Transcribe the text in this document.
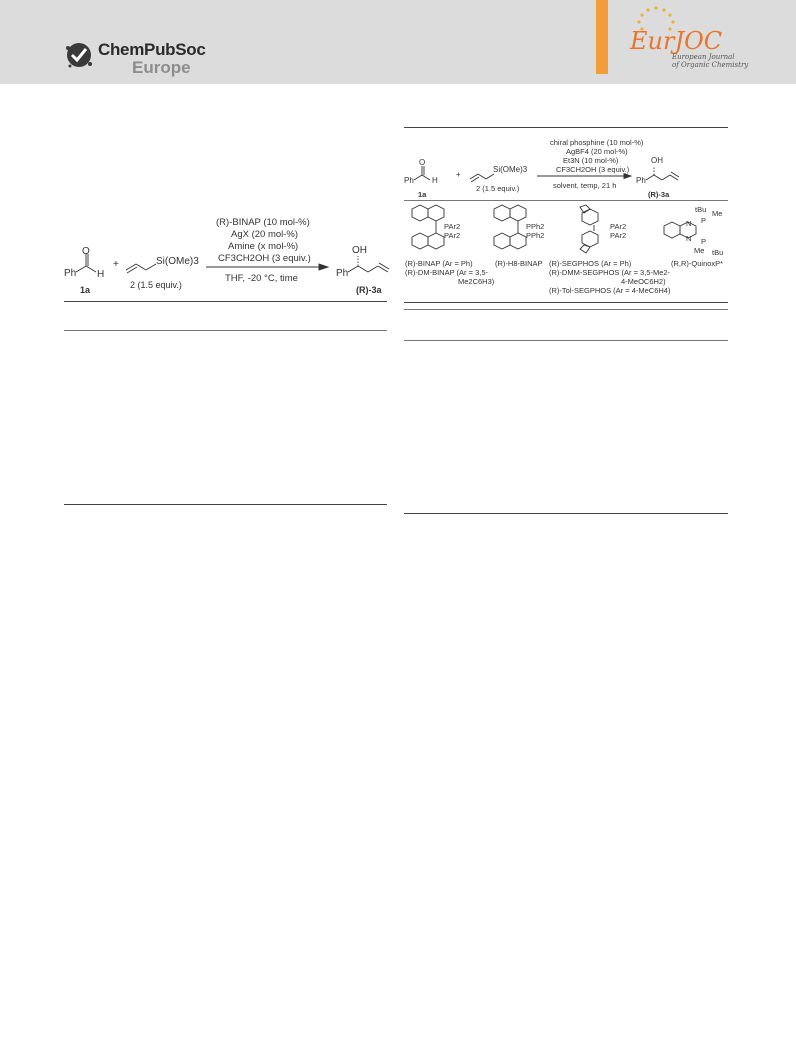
ChemPubSoc
Europe
EurJOC
European Journal
of Organic Chemistry
O
H
Ph
1a
+	Si(OMe)3
2 (1.5 equiv.)
(R)-BINAP (10 mol-%)
AgX (20 mol-%)
Amine (x mol-%)
CF3CH2OH (3 equiv.)
THF, -20 °C, time
OH
Ph
(R)-3a
O
H
Ph
1a
+
Si(OMe)3
2 (1.5 equiv.)
chiral phosphine (10 mol-%)
AgBF4 (20 mol-%)
Et3N (10 mol-%)
CF3CH2OH (3 equiv.)
solvent, temp, 21 h
OH
Ph
(R)-3a
PAr2
PAr2
(R)-BINAP (Ar = Ph)
(R)-DM-BINAP (Ar = 3,5-
Me2C6H3)
PPh2
PPh2
(R)-H8-BINAP
PAr2
PAr2
(R)-SEGPHOS (Ar = Ph)
(R)-DMM-SEGPHOS (Ar = 3,5-Me2-
4-MeOC6H2)
(R)-Tol-SEGPHOS (Ar = 4-MeC6H4)
tBu Me
P
N
N P
Me tBu
(R,R)-QuinoxP*
